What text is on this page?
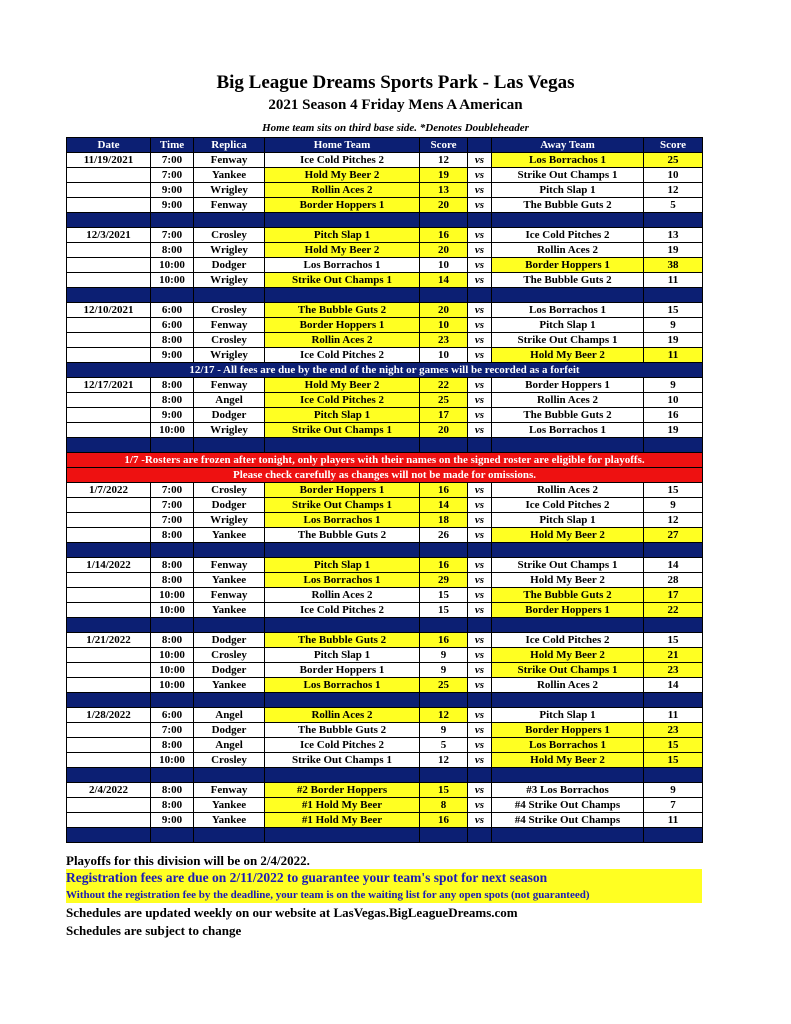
Big League Dreams Sports Park - Las Vegas
2021 Season 4 Friday Mens A American
Home team sits on third base side. *Denotes Doubleheader
Date	Time	Replica	Home Team	Score		Away Team	Score
11/19/2021	7:00	Fenway	Ice Cold Pitches 2	12	vs	Los Borrachos 1	25
	7:00	Yankee	Hold My Beer 2	19	vs	Strike Out Champs 1	10
	9:00	Wrigley	Rollin Aces 2	13	vs	Pitch Slap 1	12
	9:00	Fenway	Border Hoppers 1	20	vs	The Bubble Guts 2	5

12/3/2021	7:00	Crosley	Pitch Slap 1	16	vs	Ice Cold Pitches 2	13
	8:00	Wrigley	Hold My Beer 2	20	vs	Rollin Aces 2	19
	10:00	Dodger	Los Borrachos 1	10	vs	Border Hoppers 1	38
	10:00	Wrigley	Strike Out Champs 1	14	vs	The Bubble Guts 2	11

12/10/2021	6:00	Crosley	The Bubble Guts 2	20	vs	Los Borrachos 1	15
	6:00	Fenway	Border Hoppers 1	10	vs	Pitch Slap 1	9
	8:00	Crosley	Rollin Aces 2	23	vs	Strike Out Champs 1	19
	9:00	Wrigley	Ice Cold Pitches 2	10	vs	Hold My Beer 2	11
12/17 - All fees are due by the end of the night or games will be recorded as a forfeit							
12/17/2021	8:00	Fenway	Hold My Beer 2	22	vs	Border Hoppers 1	9
	8:00	Angel	Ice Cold Pitches 2	25	vs	Rollin Aces 2	10
	9:00	Dodger	Pitch Slap 1	17	vs	The Bubble Guts 2	16
	10:00	Wrigley	Strike Out Champs 1	20	vs	Los Borrachos 1	19

1/7 -Rosters are frozen after tonight, only players with their names on the signed roster are eligible for playoffs.							
Please check carefully as changes will not be made for omissions.							
1/7/2022	7:00	Crosley	Border Hoppers 1	16	vs	Rollin Aces 2	15
	7:00	Dodger	Strike Out Champs 1	14	vs	Ice Cold Pitches 2	9
	7:00	Wrigley	Los Borrachos 1	18	vs	Pitch Slap 1	12
	8:00	Yankee	The Bubble Guts 2	26	vs	Hold My Beer 2	27

1/14/2022	8:00	Fenway	Pitch Slap 1	16	vs	Strike Out Champs 1	14
	8:00	Yankee	Los Borrachos 1	29	vs	Hold My Beer 2	28
	10:00	Fenway	Rollin Aces 2	15	vs	The Bubble Guts 2	17
	10:00	Yankee	Ice Cold Pitches 2	15	vs	Border Hoppers 1	22

1/21/2022	8:00	Dodger	The Bubble Guts 2	16	vs	Ice Cold Pitches 2	15
	10:00	Crosley	Pitch Slap 1	9	vs	Hold My Beer 2	21
	10:00	Dodger	Border Hoppers 1	9	vs	Strike Out Champs 1	23
	10:00	Yankee	Los Borrachos 1	25	vs	Rollin Aces 2	14

1/28/2022	6:00	Angel	Rollin Aces 2	12	vs	Pitch Slap 1	11
	7:00	Dodger	The Bubble Guts 2	9	vs	Border Hoppers 1	23
	8:00	Angel	Ice Cold Pitches 2	5	vs	Los Borrachos 1	15
	10:00	Crosley	Strike Out Champs 1	12	vs	Hold My Beer 2	15

2/4/2022	8:00	Fenway	#2 Border Hoppers	15	vs	#3 Los Borrachos	9
	8:00	Yankee	#1 Hold My Beer	8	vs	#4 Strike Out Champs	7
	9:00	Yankee	#1 Hold My Beer	16	vs	#4 Strike Out Champs	11

Playoffs for this division will be on 2/4/2022.
Registration fees are due on 2/11/2022 to guarantee your team's spot for next season
Without the registration fee by the deadline, your team is on the waiting list for any open spots (not guaranteed)
Schedules are updated weekly on our website at LasVegas.BigLeagueDreams.com
Schedules are subject to change
